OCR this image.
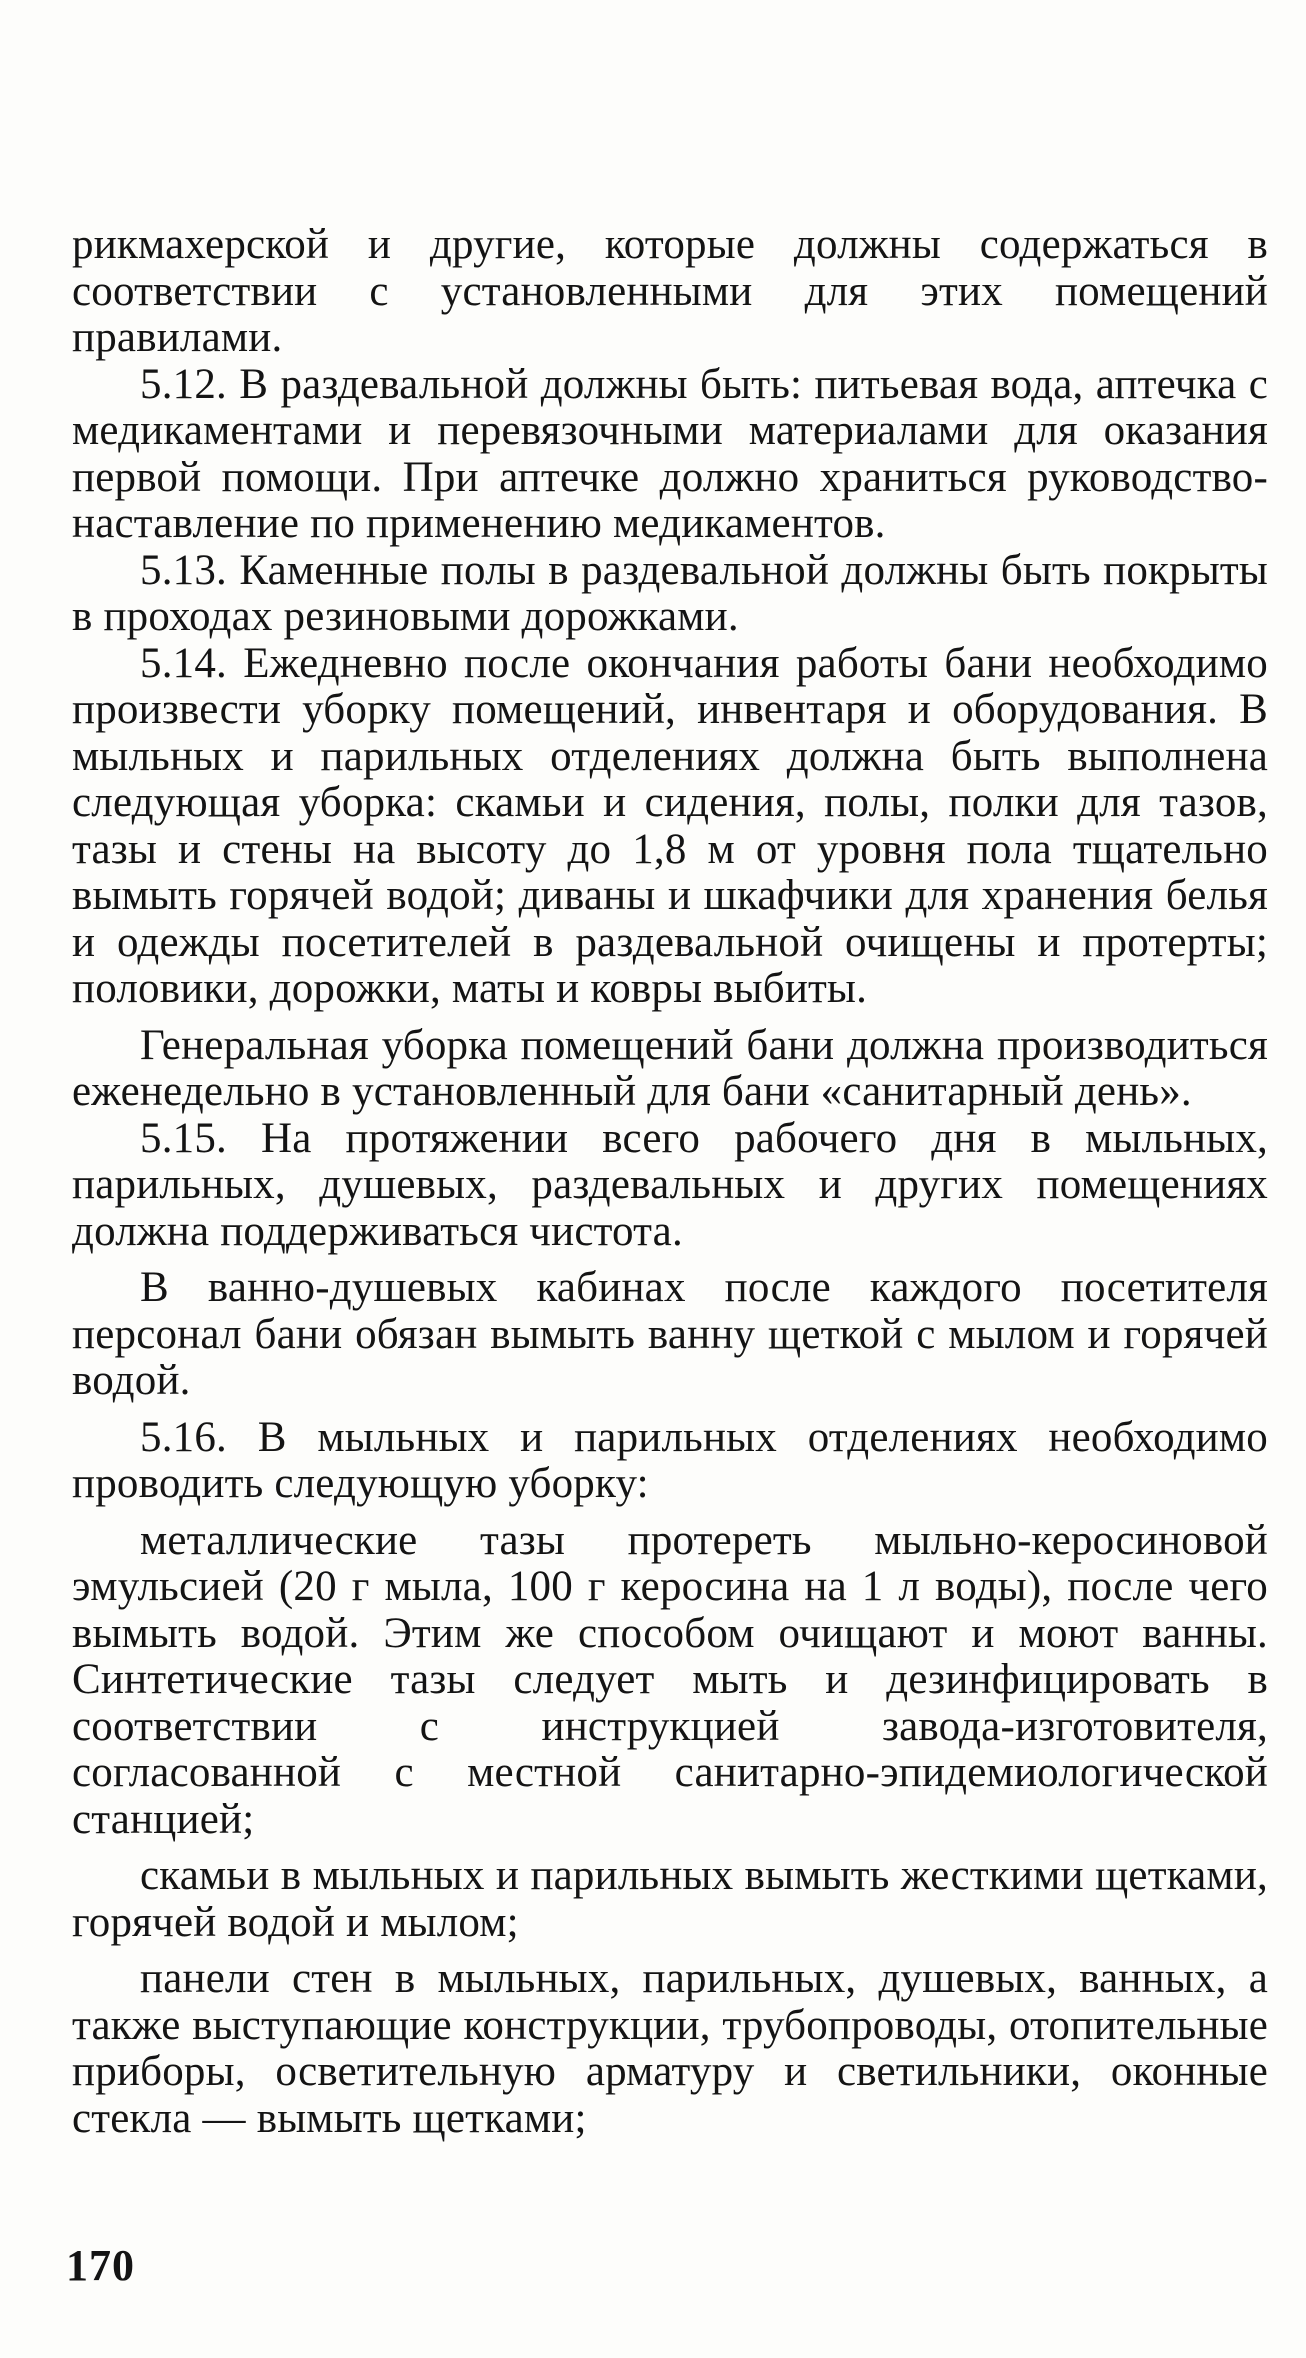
рикмахерской и другие, которые должны содержаться в соответствии с установленными для этих помещений правилами.

5.12. В раздевальной должны быть: питьевая вода, аптечка с медикаментами и перевязочными материалами для оказания первой помощи. При аптечке должно храниться руководство-наставление по применению медикаментов.

5.13. Каменные полы в раздевальной должны быть покрыты в проходах резиновыми дорожками.

5.14. Ежедневно после окончания работы бани необходимо произвести уборку помещений, инвентаря и оборудования. В мыльных и парильных отделениях должна быть выполнена следующая уборка: скамьи и сидения, полы, полки для тазов, тазы и стены на высоту до 1,8 м от уровня пола тщательно вымыть горячей водой; диваны и шкафчики для хранения белья и одежды посетителей в раздевальной очищены и протерты; половики, дорожки, маты и ковры выбиты.

Генеральная уборка помещений бани должна производиться еженедельно в установленный для бани «санитарный день».

5.15. На протяжении всего рабочего дня в мыльных, парильных, душевых, раздевальных и других помещениях должна поддерживаться чистота.

В ванно-душевых кабинах после каждого посетителя персонал бани обязан вымыть ванну щеткой с мылом и горячей водой.

5.16. В мыльных и парильных отделениях необходимо проводить следующую уборку:

металлические тазы протереть мыльно-керосиновой эмульсией (20 г мыла, 100 г керосина на 1 л воды), после чего вымыть водой. Этим же способом очищают и моют ванны. Синтетические тазы следует мыть и дезинфицировать в соответствии с инструкцией завода-изготовителя, согласованной с местной санитарно-эпидемиологической станцией;

скамьи в мыльных и парильных вымыть жесткими щетками, горячей водой и мылом;

панели стен в мыльных, парильных, душевых, ванных, а также выступающие конструкции, трубопроводы, отопительные приборы, осветительную арматуру и светильники, оконные стекла — вымыть щетками;

170
